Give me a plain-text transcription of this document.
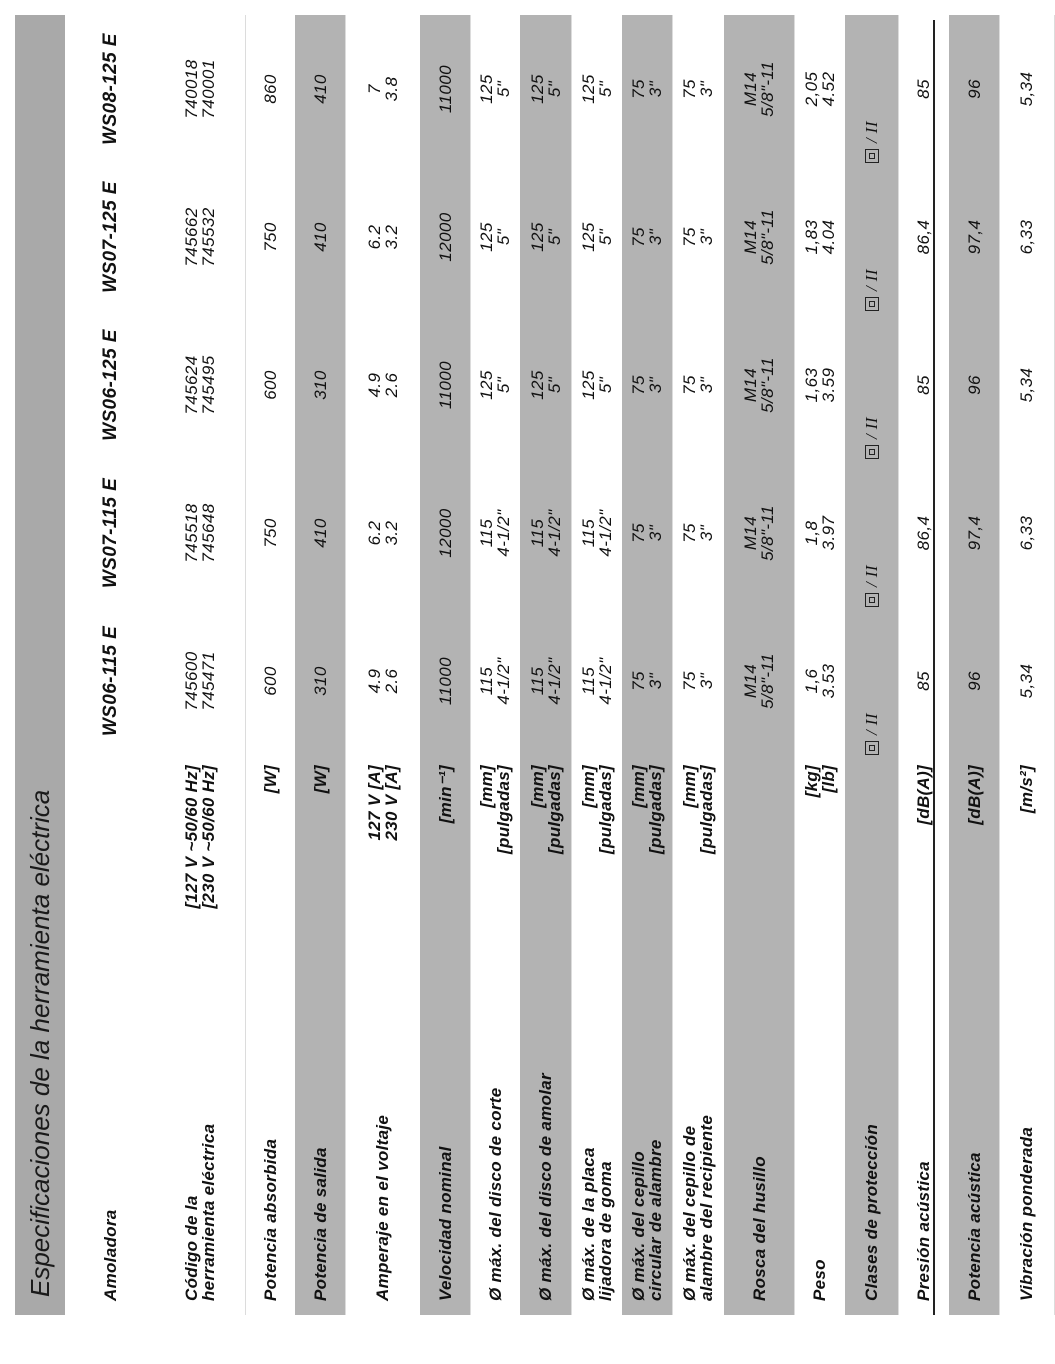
Especificaciones de la herramienta eléctrica	Amoladora
WS06-115 E
WS07-115 E
WS06-125 E
WS07-125 E
WS08-125 E
Código de la
herramienta eléctrica
[127 V ~50/60 Hz]
[230 V ~50/60 Hz]
745600
745471
745518
745648
745624
745495
745662
745532
740018
740001
Potencia absorbida
[W]
600
750
600
750
860
Potencia de salida
[W]
310
410
310
410
410
Amperaje en el voltaje
127 V [A]
230 V [A]
4.9
2.6
6.2
3.2
4.9
2.6
6.2
3.2
7
3.8
Velocidad nominal
[min⁻¹]
11000
12000
11000
12000
11000
Ø máx. del disco de corte
[mm]
[pulgadas]
115
4-1/2"
115
4-1/2"
125
5"
125
5"
125
5"
Ø máx. del disco de amolar
[mm]
[pulgadas]
115
4-1/2"
115
4-1/2"
125
5"
125
5"
125
5"
Ø máx. de la placa
lijadora de goma
[mm]
[pulgadas]
115
4-1/2"
115
4-1/2"
125
5"
125
5"
125
5"
Ø máx. del cepillo
circular de alambre
[mm]
[pulgadas]
75
3"
75
3"
75
3"
75
3"
75
3"
Ø máx. del cepillo de
alambre del recipiente
[mm]
[pulgadas]
75
3"
75
3"
75
3"
75
3"
75
3"
Rosca del husillo
M14
5/8"-11
M14
5/8"-11
M14
5/8"-11
M14
5/8"-11
M14
5/8"-11
Peso
[kg]
[lb]
1,6
3.53
1,8
3.97
1,63
3.59
1,83
4.04
2,05
4.52
Clases de protección
/ II
/ II
/ II
/ II
/ II
Presión acústica
[dB(A)]
85
86,4
85
86,4
85
Potencia acústica
[dB(A)]
96
97,4
96
97,4
96
Vibración ponderada
[m/s²]
5,34
6,33
5,34
6,33
5,34
